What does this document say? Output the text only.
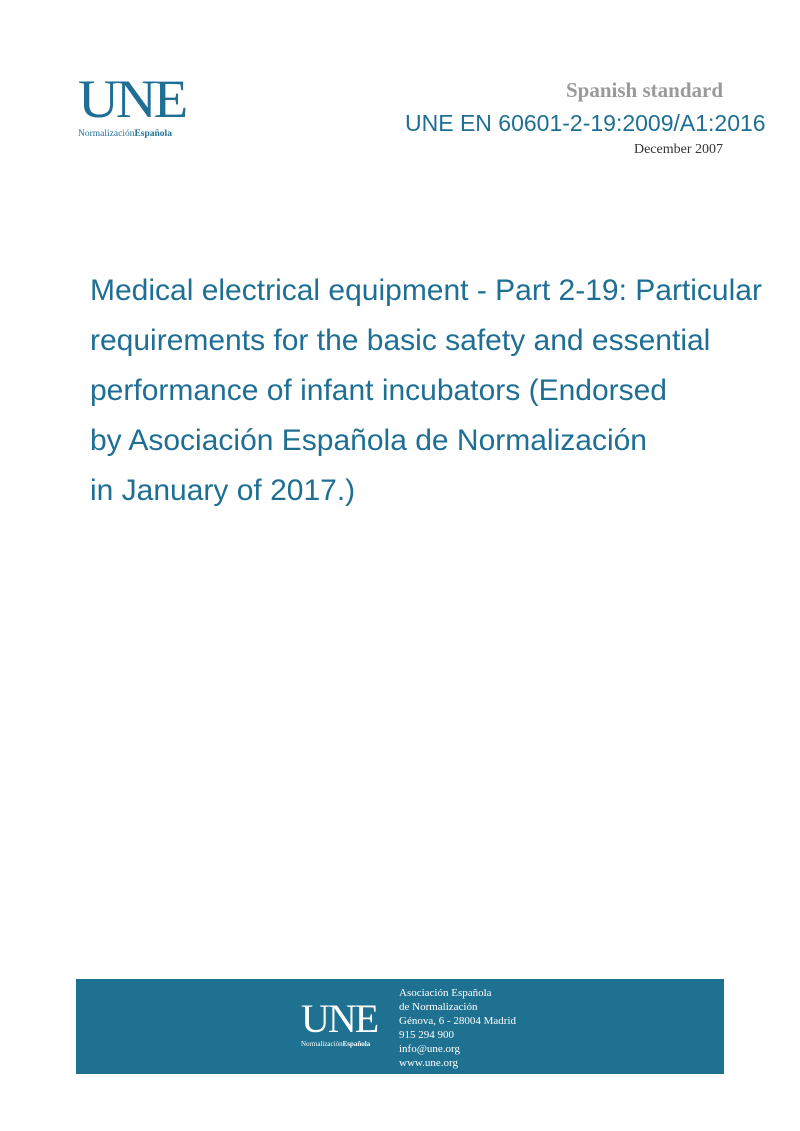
UNE
NormalizaciónEspañola
Spanish standard
UNE EN 60601-2-19:2009/A1:2016
December 2007
Medical electrical equipment - Part 2-19: Particular
requirements for the basic safety and essential
performance of infant incubators (Endorsed
by Asociación Española de Normalización
in January of 2017.)
UNE
NormalizaciónEspañola
Asociación Española
de Normalización
Génova, 6 - 28004 Madrid
915 294 900
info@une.org
www.une.org
